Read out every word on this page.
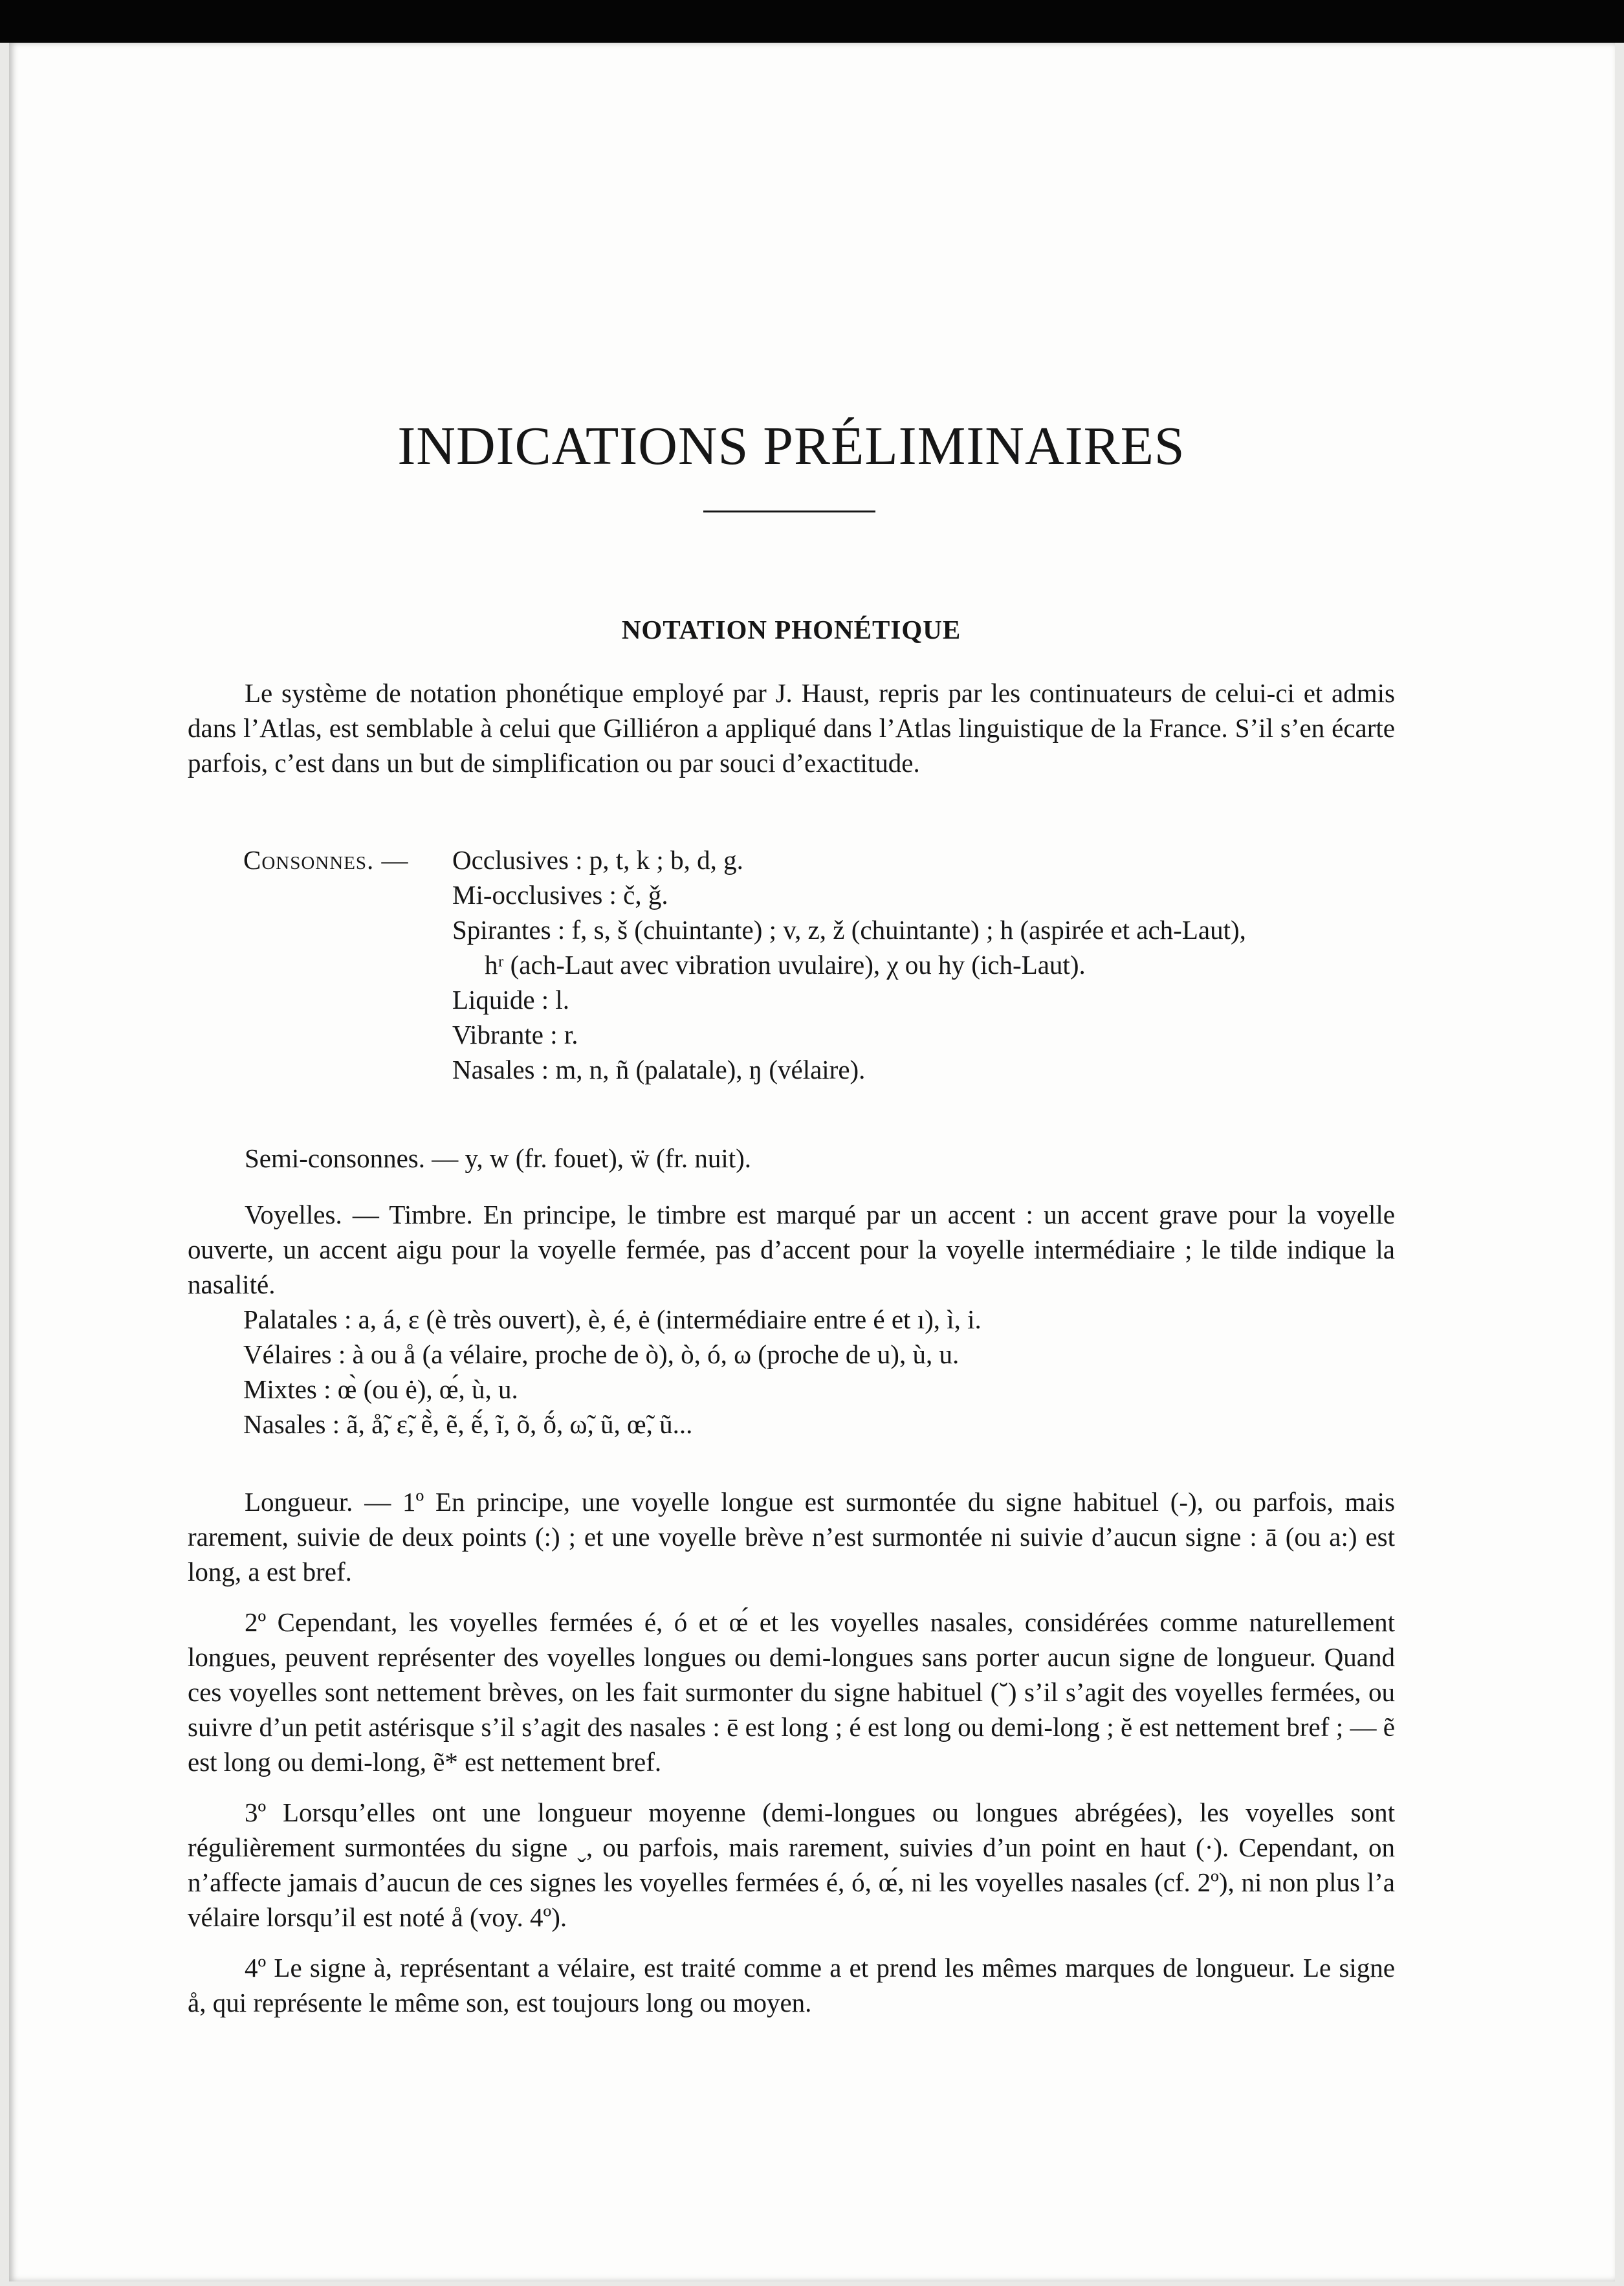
INDICATIONS PRÉLIMINAIRES
NOTATION PHONÉTIQUE

Le système de notation phonétique employé par J. Haust, repris par les continuateurs de celui-ci et admis dans l’Atlas, est semblable à celui que Gilliéron a appliqué dans l’Atlas linguistique de la France. S’il s’en écarte parfois, c’est dans un but de simplification ou par souci d’exactitude.

Consonnes. —	Occlusives : p, t, k ; b, d, g.

Mi-occlusives : č, ǧ.

Spirantes : f, s, š (chuintante) ; v, z, ž (chuintante) ; h (aspirée et ach-Laut),

hʳ (ach-Laut avec vibration uvulaire), χ ou hy (ich-Laut).

Liquide : l.

Vibrante : r.

Nasales : m, n, ñ (palatale), ŋ (vélaire).

Semi-consonnes. — y, w (fr. fouet), ẅ (fr. nuit).

Voyelles. — Timbre. En principe, le timbre est marqué par un accent : un accent grave pour la voyelle ouverte, un accent aigu pour la voyelle fermée, pas d’accent pour la voyelle intermédiaire ; le tilde indique la nasalité.

Palatales : a, á, ɛ (è très ouvert), è, é, ė (intermédiaire entre é et ı), ì, i.

Vélaires : à ou å (a vélaire, proche de ò), ò, ó, ω (proche de u), ù, u.

Mixtes : œ̀ (ou ė), œ́, ù, u.

Nasales : ã, å̃, ɛ̃, ẽ̀, ẽ, ẽ́, ĩ, õ, ṍ, ω̃, ũ, œ̃, ũ...

Longueur. — 1º En principe, une voyelle longue est surmontée du signe habituel (-), ou parfois, mais rarement, suivie de deux points (:) ; et une voyelle brève n’est surmontée ni suivie d’aucun signe : ā (ou a:) est long, a est bref.

2º Cependant, les voyelles fermées é, ó et œ́ et les voyelles nasales, considérées comme naturellement longues, peuvent représenter des voyelles longues ou demi-longues sans porter aucun signe de longueur. Quand ces voyelles sont nettement brèves, on les fait surmonter du signe habituel (˘) s’il s’agit des voyelles fermées, ou suivre d’un petit astérisque s’il s’agit des nasales : ē est long ; é est long ou demi-long ; ĕ est nettement bref ; — ẽ est long ou demi-long, ẽ* est nettement bref.

3º Lorsqu’elles ont une longueur moyenne (demi-longues ou longues abrégées), les voyelles sont régulièrement surmontées du signe ˬ, ou parfois, mais rarement, suivies d’un point en haut (·). Cependant, on n’affecte jamais d’aucun de ces signes les voyelles fermées é, ó, œ́, ni les voyelles nasales (cf. 2º), ni non plus l’a vélaire lorsqu’il est noté å (voy. 4º).

4º Le signe à, représentant a vélaire, est traité comme a et prend les mêmes marques de longueur. Le signe å, qui représente le même son, est toujours long ou moyen.
